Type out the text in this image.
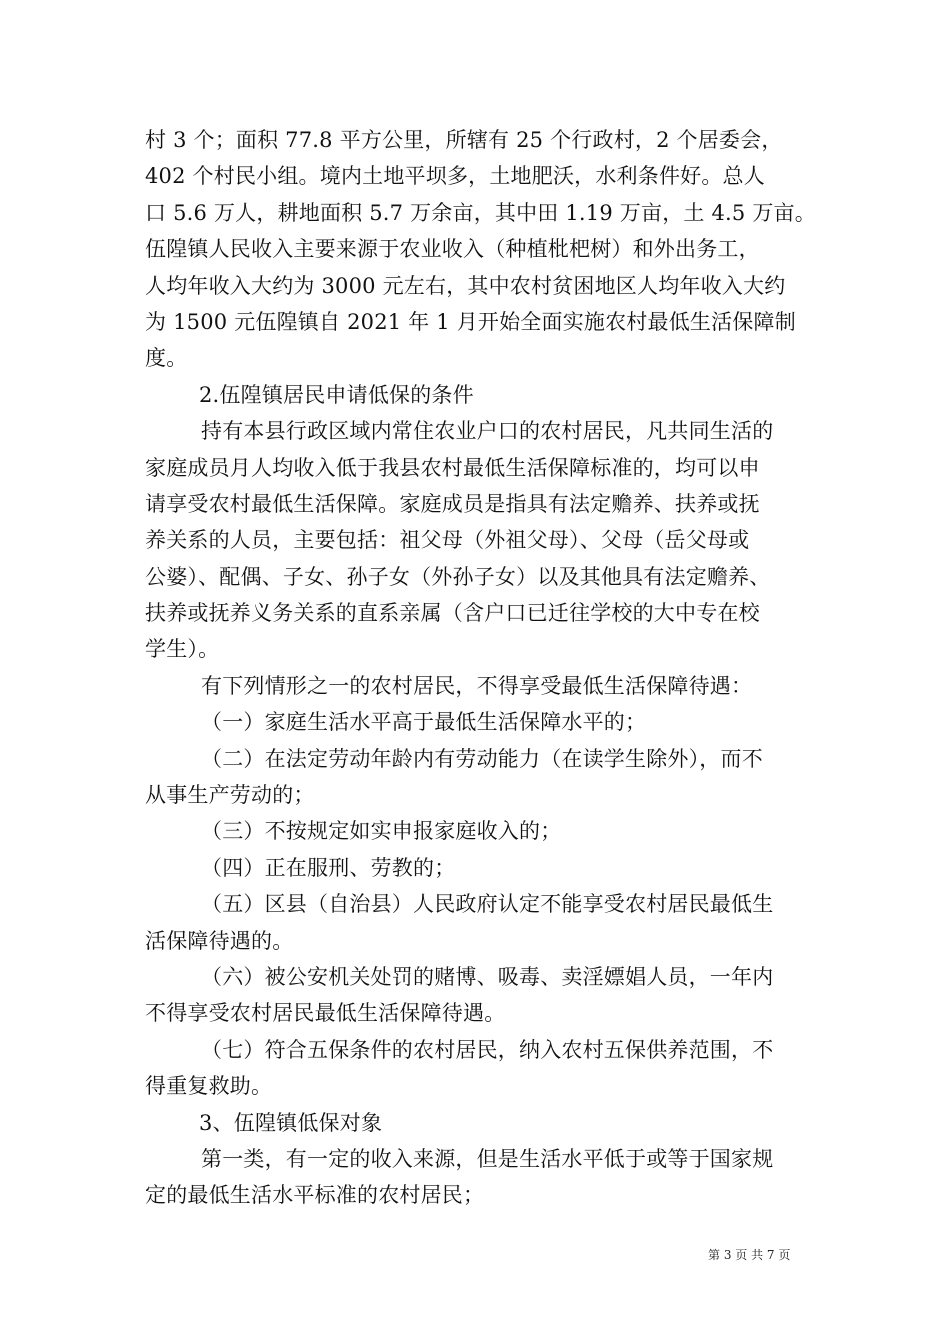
村 3 个；面积 77.8 平方公里，所辖有 25 个行政村，2 个居委会，
402 个村民小组。境内土地平坝多，土地肥沃，水利条件好。总人
口 5.6 万人，耕地面积 5.7 万余亩，其中田 1.19 万亩，土 4.5 万亩。
伍隍镇人民收入主要来源于农业收入（种植枇杷树）和外出务工，
人均年收入大约为 3000 元左右，其中农村贫困地区人均年收入大约
为 1500 元伍隍镇自 2021 年 1 月开始全面实施农村最低生活保障制
度。
2.伍隍镇居民申请低保的条件
持有本县行政区域内常住农业户口的农村居民，凡共同生活的
家庭成员月人均收入低于我县农村最低生活保障标准的，均可以申
请享受农村最低生活保障。家庭成员是指具有法定赡养、扶养或抚
养关系的人员，主要包括：祖父母（外祖父母）、父母（岳父母或
公婆）、配偶、子女、孙子女（外孙子女）以及其他具有法定赡养、
扶养或抚养义务关系的直系亲属（含户口已迁往学校的大中专在校
学生）。
有下列情形之一的农村居民，不得享受最低生活保障待遇：
（一）家庭生活水平高于最低生活保障水平的；
（二）在法定劳动年龄内有劳动能力（在读学生除外），而不
从事生产劳动的；
（三）不按规定如实申报家庭收入的；
（四）正在服刑、劳教的；
（五）区县（自治县）人民政府认定不能享受农村居民最低生
活保障待遇的。
（六）被公安机关处罚的赌博、吸毒、卖淫嫖娼人员，一年内
不得享受农村居民最低生活保障待遇。
（七）符合五保条件的农村居民，纳入农村五保供养范围，不
得重复救助。
3、伍隍镇低保对象
第一类，有一定的收入来源，但是生活水平低于或等于国家规
定的最低生活水平标准的农村居民；
第 3 页 共 7 页
